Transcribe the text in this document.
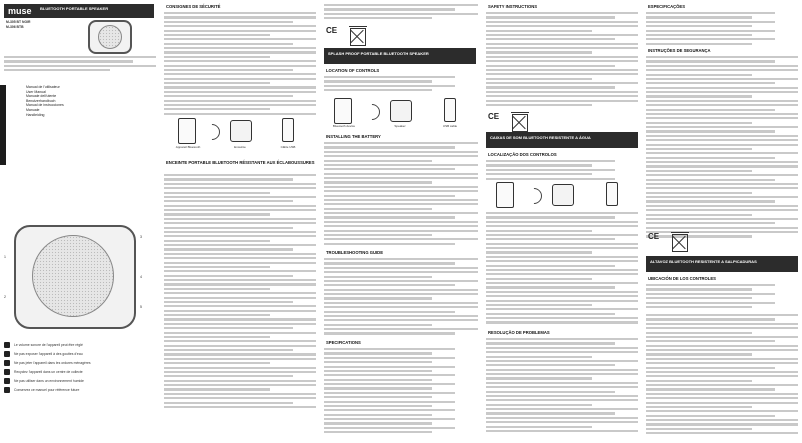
muse BLUETOOTH PORTABLE SPEAKER
M-305 BT NOIR
M-306 BTB
Manual de l'utilisateur
User Manual
Manuale dell'utente
Benutzerhandbuch
Manual de instrucciones
Manuale
Handleiding
1
2
3
4
5
Le volume sonore de l'appareil peut être réglé
Ne pas exposer l'appareil à des gouttes d'eau
Ne pas jeter l'appareil dans les ordures ménagères
Recyclez l'appareil dans un centre de collecte
Ne pas utiliser dans un environnement humide
Conservez ce manuel pour référence future
CONSIGNES DE SÉCURITÉ
Appareil Bluetooth	Enceinte	Câble USB
ENCEINTE PORTABLE BLUETOOTH RÉSISTANTE AUX ÉCLABOUSSURES
CE
SPLASH PROOF PORTABLE BLUETOOTH SPEAKER
LOCATION OF CONTROLS
Bluetooth device	Speaker	USB cable
INSTALLING THE BATTERY
TROUBLESHOOTING GUIDE
SPECIFICATIONS
SAFETY INSTRUCTIONS
CE
CAIXAS DE SOM BLUETOOTH RESISTENTE A ÁGUA
LOCALIZAÇÃO DOS CONTROLOS
RESOLUÇÃO DE PROBLEMAS
ESPECIFICAÇÕES
INSTRUÇÕES DE SEGURANÇA
CE
ALTAVOZ BLUETOOTH RESISTENTE A SALPICADURAS
UBICACIÓN DE LOS CONTROLES
